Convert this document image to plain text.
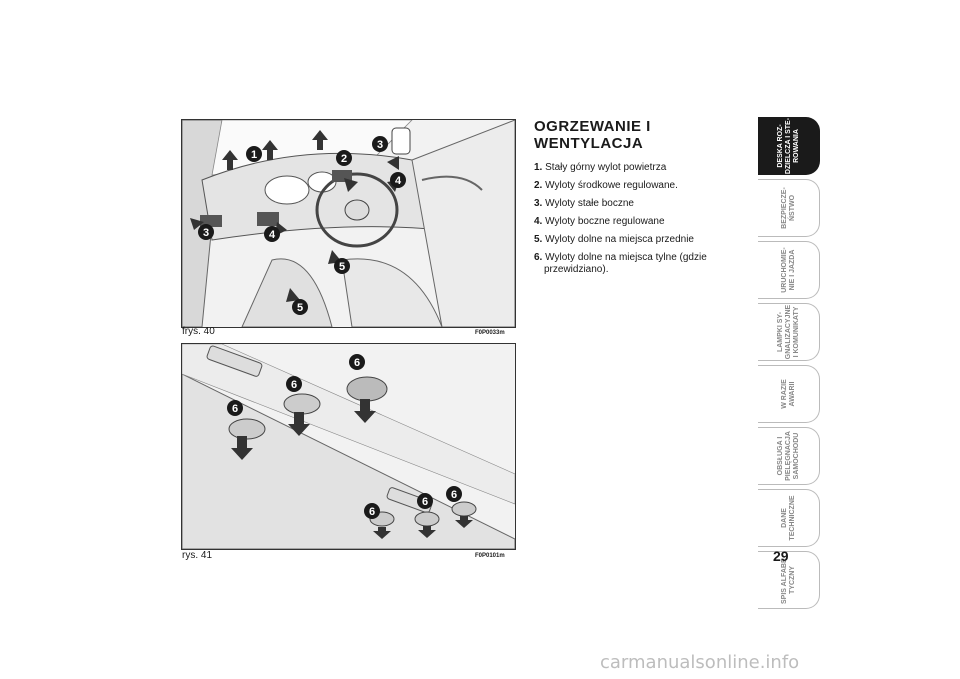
1	2
3
4
3	4
5
5
frys. 40	F0P0033m
6
6
6
6
6
6
rys. 41	F0P0101m
OGRZEWANIE I WENTYLACJA
1. Stały górny wylot powietrza
2. Wyloty środkowe regulowane.
3. Wyloty stałe boczne
4. Wyloty boczne regulowane
5. Wyloty dolne na miejsca przednie
6. Wyloty dolne na miejsca tylne (gdzie przewidziano).
DESKA ROZ-
DZIELCZA I STE-
ROWANIA
BEZPIECZE-
ŃSTWO
URUCHOMIE-
NIE I JAZDA
LAMPKI SY-
GNALIZACYJNE
I KOMUNIKATY
W RAZIE
AWARII
OBSŁUGA I
PIELĘGNACJA
SAMOCHODU
DANE
TECHNICZNE
SPIS ALFABE-
TYCZNY
29
carmanualsonline.info
